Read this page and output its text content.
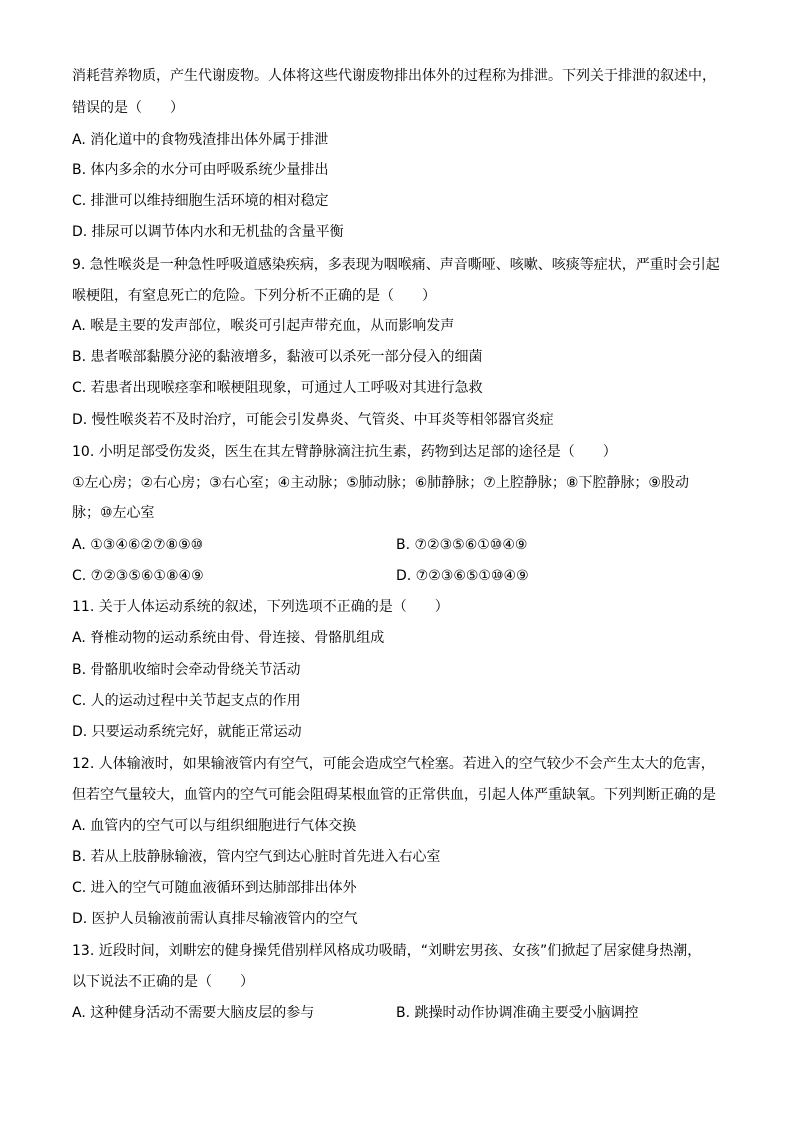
消耗营养物质，产生代谢废物。人体将这些代谢废物排出体外的过程称为排泄。下列关于排泄的叙述中，
错误的是（　　）
A. 消化道中的食物残渣排出体外属于排泄
B. 体内多余的水分可由呼吸系统少量排出
C. 排泄可以维持细胞生活环境的相对稳定
D. 排尿可以调节体内水和无机盐的含量平衡
9. 急性喉炎是一种急性呼吸道感染疾病，多表现为咽喉痛、声音嘶哑、咳嗽、咳痰等症状，严重时会引起
喉梗阻，有窒息死亡的危险。下列分析不正确的是（　　）
A. 喉是主要的发声部位，喉炎可引起声带充血，从而影响发声
B. 患者喉部黏膜分泌的黏液增多，黏液可以杀死一部分侵入的细菌
C. 若患者出现喉痉挛和喉梗阻现象，可通过人工呼吸对其进行急救
D. 慢性喉炎若不及时治疗，可能会引发鼻炎、气管炎、中耳炎等相邻器官炎症
10. 小明足部受伤发炎，医生在其左臂静脉滴注抗生素，药物到达足部的途径是（　　）
①左心房；②右心房；③右心室；④主动脉；⑤肺动脉；⑥肺静脉；⑦上腔静脉；⑧下腔静脉；⑨股动
脉；⑩左心室
A. ①③④⑥②⑦⑧⑨⑩	B. ⑦②③⑤⑥①⑩④⑨
C. ⑦②③⑤⑥①⑧④⑨	D. ⑦②③⑥⑤①⑩④⑨
11. 关于人体运动系统的叙述，下列选项不正确的是（　　）
A. 脊椎动物的运动系统由骨、骨连接、骨骼肌组成
B. 骨骼肌收缩时会牵动骨绕关节活动
C. 人的运动过程中关节起支点的作用
D. 只要运动系统完好，就能正常运动
12. 人体输液时，如果输液管内有空气，可能会造成空气栓塞。若进入的空气较少不会产生太大的危害，
但若空气量较大，血管内的空气可能会阻碍某根血管的正常供血，引起人体严重缺氧。下列判断正确的是
A. 血管内的空气可以与组织细胞进行气体交换
B. 若从上肢静脉输液，管内空气到达心脏时首先进入右心室
C. 进入的空气可随血液循环到达肺部排出体外
D. 医护人员输液前需认真排尽输液管内的空气
13. 近段时间，刘畊宏的健身操凭借别样风格成功吸睛，“刘畊宏男孩、女孩”们掀起了居家健身热潮，
以下说法不正确的是（　　）
A. 这种健身活动不需要大脑皮层的参与	B. 跳操时动作协调准确主要受小脑调控
